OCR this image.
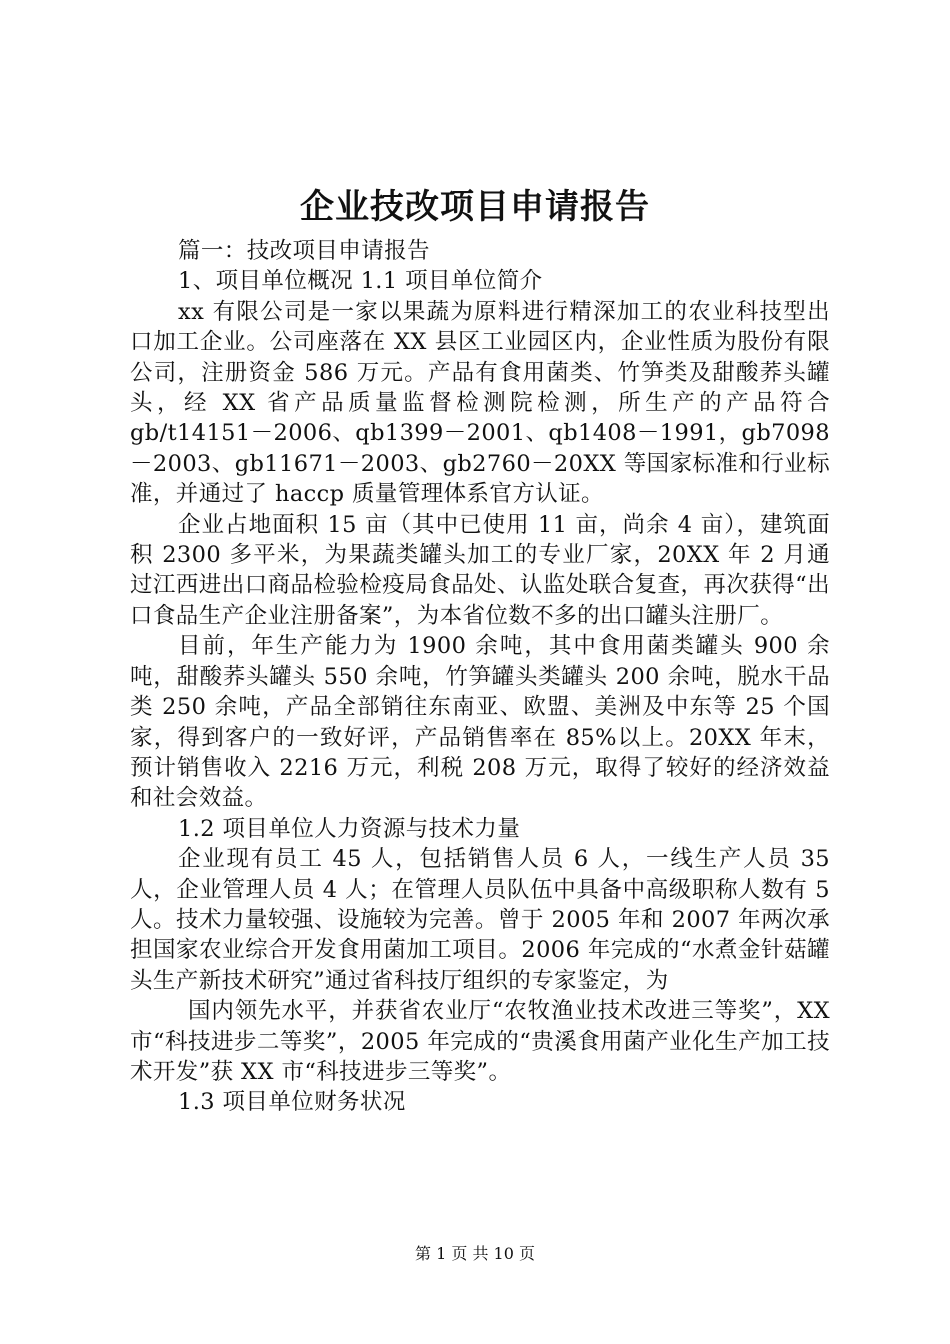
企业技改项目申请报告

篇一：技改项目申请报告

1、项目单位概况 1.1 项目单位简介

xx 有限公司是一家以果蔬为原料进行精深加工的农业科技型出口加工企业。公司座落在 XX 县区工业园区内，企业性质为股份有限公司，注册资金 586 万元。产品有食用菌类、竹笋类及甜酸荞头罐头，经 XX 省产品质量监督检测院检测，所生产的产品符合 gb/t14151－2006、qb1399－2001、qb1408－1991，gb7098－2003、gb11671－2003、gb2760－20XX 等国家标准和行业标准，并通过了 haccp 质量管理体系官方认证。

企业占地面积 15 亩（其中已使用 11 亩，尚余 4 亩），建筑面积 2300 多平米，为果蔬类罐头加工的专业厂家，20XX 年 2 月通过江西进出口商品检验检疫局食品处、认监处联合复查，再次获得“出口食品生产企业注册备案”，为本省位数不多的出口罐头注册厂。

目前，年生产能力为 1900 余吨，其中食用菌类罐头 900 余吨，甜酸荞头罐头 550 余吨，竹笋罐头类罐头 200 余吨，脱水干品类 250 余吨，产品全部销往东南亚、欧盟、美洲及中东等 25 个国家，得到客户的一致好评，产品销售率在 85%以上。20XX 年末，预计销售收入 2216 万元，利税 208 万元，取得了较好的经济效益和社会效益。

1.2 项目单位人力资源与技术力量

企业现有员工 45 人，包括销售人员 6 人，一线生产人员 35 人，企业管理人员 4 人；在管理人员队伍中具备中高级职称人数有 5 人。技术力量较强、设施较为完善。曾于 2005 年和 2007 年两次承担国家农业综合开发食用菌加工项目。2006 年完成的“水煮金针菇罐头生产新技术研究”通过省科技厅组织的专家鉴定，为

国内领先水平，并获省农业厅“农牧渔业技术改进三等奖”，XX 市“科技进步二等奖”，2005 年完成的“贵溪食用菌产业化生产加工技术开发”获 XX 市“科技进步三等奖”。

1.3 项目单位财务状况

第 1 页 共 10 页
